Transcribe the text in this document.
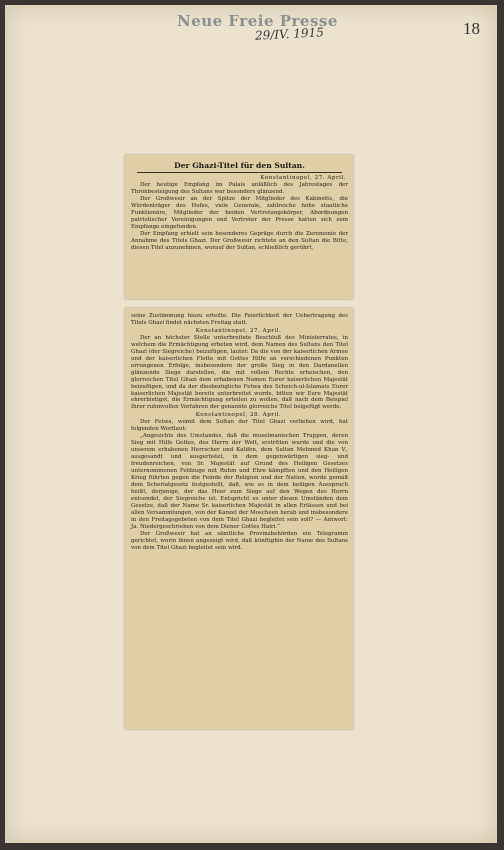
Neue Freie Presse
29/IV. 1915	18
Der Ghazi-Titel für den Sultan.
Konstantinopel, 27. April.

Der heutige Empfang im Palais anläßlich des Jahrestages der Thronbesteigung des Sultans war besonders glänzend.

Der Großwesir an der Spitze der Mitglieder des Kabinetts, die Würdenträger des Hofes, viele Generale, zahlreiche hohe staatliche Funktionäre, Mitglieder der beiden Vertretungskörper, Abordnungen patriotischer Vereinigungen und Vertreter der Presse hatten sich zum Empfange eingefunden.

Der Empfang erhielt sein besonderes Gepräge durch die Zeremonie der Annahme des Titels Ghazi. Der Großwesir richtete an den Sultan die Bitte, diesen Titel anzunehmen, worauf der Sultan, schließlich gerührt,

seine Zustimmung hiezu erteilte. Die Feierlichkeit der Uebertragung des Titels Ghazi findet nächsten Freitag statt.

Konstantinopel, 27. April.

Der an höchster Stelle unterbreitete Beschluß des Ministerrates, in welchem die Ermächtigung erbeten wird, dem Namen des Sultans den Titel Ghazi (der Siegreiche) beizufügen, lautet: Da die von der kaiserlichen Armee und der kaiserlichen Flotte mit Gottes Hilfe an verschiedenen Punkten errungenen Erfolge, insbesondere der große Sieg in den Dardanellen glänzende Siege darstellen, die mit vollem Rechte erheischen, den glorreichen Titel Ghazi dem erhabenen Namen Eurer kaiserlichen Majestät beizufügen, und da der diesbezügliche Fetwa des Scheich-ul-Islamats Eurer kaiserlichen Majestät bereits unterbreitet wurde, bitten wir Eure Majestät ehrerbietigst, die Ermächtigung erteilen zu wollen, daß nach dem Beispiel Ihrer ruhmvollen Vorfahren der genannte glorreiche Titel beigefügt werde.

Konstantinopel, 28. April.

Der Fetwa, womit dem Sultan der Titel Ghazi verliehen wird, hat folgenden Wortlaut:

„Angesichts des Umstandes, daß die muselmanischen Truppen, deren Sieg mit Hilfe Gottes, des Herrn der Welt, erstritten wurde und die von unserem erhabenen Herrscher und Kalifen, dem Sultan Mehmed Khan V., ausgesandt und ausgerüstet, in dem gegenwärtigen sieg- und freudenreichen, von Sr. Majestät auf Grund des Heiligen Gesetzes unternommenen Feldzuge mit Ruhm und Ehre kämpften und den Heiligen Krieg führten gegen die Feinde der Religion und der Nation, wurde gemäß dem Scheriatgesetz festgestellt, daß, wie es in dem heiligen Ausspruch heißt, derjenige, der das Heer zum Siege auf den Wegen des Herrn entsendet, der Siegreiche ist. Entspricht es unter diesen Umständen dem Gesetze, daß der Name Sr. kaiserlichen Majestät in allen Erlässen und bei allen Versammlungen, von der Kanzel der Moscheen herab und insbesondere in den Freitagsgebeten von dem Titel Ghazi begleitet sein soll? — Antwort: Ja. Niedergeschrieben von dem Diener Gottes Hairi.“

Der Großwesir hat an sämtliche Provinzbehörden ein Telegramm gerichtet, worin ihnen angezeigt wird, daß künftighin der Name des Sultans von dem Titel Ghazi begleitet sein wird.
